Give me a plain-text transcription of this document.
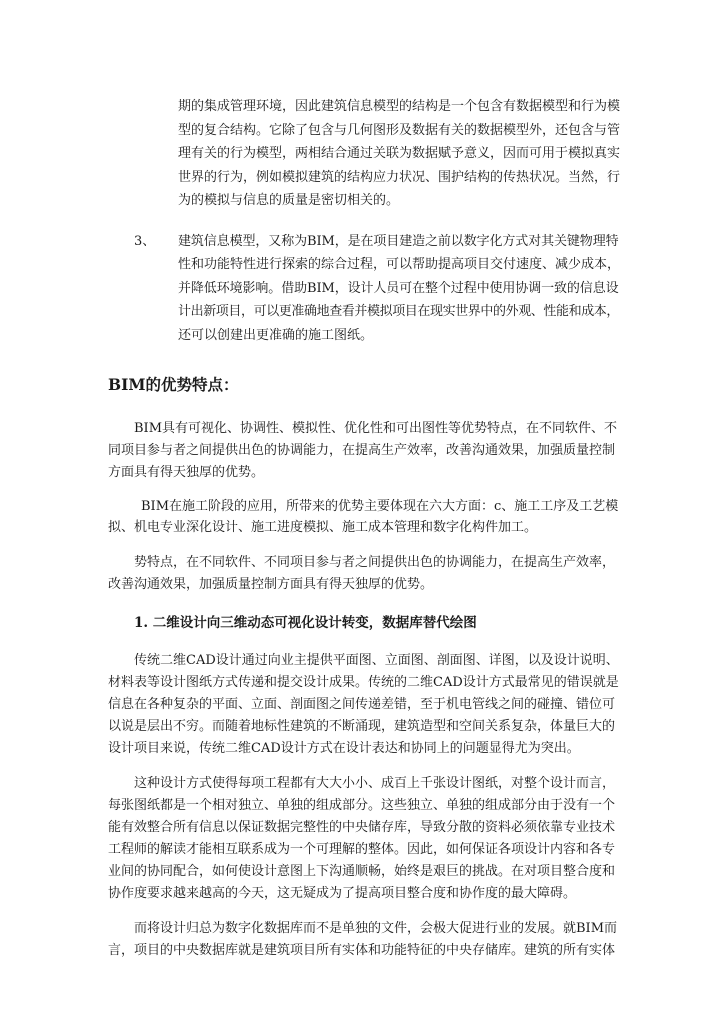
期的集成管理环境，因此建筑信息模型的结构是一个包含有数据模型和行为模
型的复合结构。它除了包含与几何图形及数据有关的数据模型外，还包含与管
理有关的行为模型，两相结合通过关联为数据赋予意义，因而可用于模拟真实
世界的行为，例如模拟建筑的结构应力状况、围护结构的传热状况。当然，行
为的模拟与信息的质量是密切相关的。
3、 建筑信息模型，又称为BIM，是在项目建造之前以数字化方式对其关键物理特
性和功能特性进行探索的综合过程，可以帮助提高项目交付速度、减少成本，
并降低环境影响。借助BIM，设计人员可在整个过程中使用协调一致的信息设
计出新项目，可以更准确地查看并模拟项目在现实世界中的外观、性能和成本，
还可以创建出更准确的施工图纸。
BIM的优势特点：
BIM具有可视化、协调性、模拟性、优化性和可出图性等优势特点，在不同软件、不
同项目参与者之间提供出色的协调能力，在提高生产效率，改善沟通效果，加强质量控制
方面具有得天独厚的优势。
BIM在施工阶段的应用，所带来的优势主要体现在六大方面：c、施工工序及工艺模
拟、机电专业深化设计、施工进度模拟、施工成本管理和数字化构件加工。
势特点，在不同软件、不同项目参与者之间提供出色的协调能力，在提高生产效率，
改善沟通效果，加强质量控制方面具有得天独厚的优势。
1. 二维设计向三维动态可视化设计转变，数据库替代绘图
传统二维CAD设计通过向业主提供平面图、立面图、剖面图、详图，以及设计说明、
材料表等设计图纸方式传递和提交设计成果。传统的二维CAD设计方式最常见的错误就是
信息在各种复杂的平面、立面、剖面图之间传递差错，至于机电管线之间的碰撞、错位可
以说是层出不穷。而随着地标性建筑的不断涌现，建筑造型和空间关系复杂，体量巨大的
设计项目来说，传统二维CAD设计方式在设计表达和协同上的问题显得尤为突出。
这种设计方式使得每项工程都有大大小小、成百上千张设计图纸，对整个设计而言，
每张图纸都是一个相对独立、单独的组成部分。这些独立、单独的组成部分由于没有一个
能有效整合所有信息以保证数据完整性的中央储存库，导致分散的资料必须依靠专业技术
工程师的解读才能相互联系成为一个可理解的整体。因此，如何保证各项设计内容和各专
业间的协同配合，如何使设计意图上下沟通顺畅，始终是艰巨的挑战。在对项目整合度和
协作度要求越来越高的今天，这无疑成为了提高项目整合度和协作度的最大障碍。
而将设计归总为数字化数据库而不是单独的文件，会极大促进行业的发展。就BIM而
言，项目的中央数据库就是建筑项目所有实体和功能特征的中央存储库。建筑的所有实体
